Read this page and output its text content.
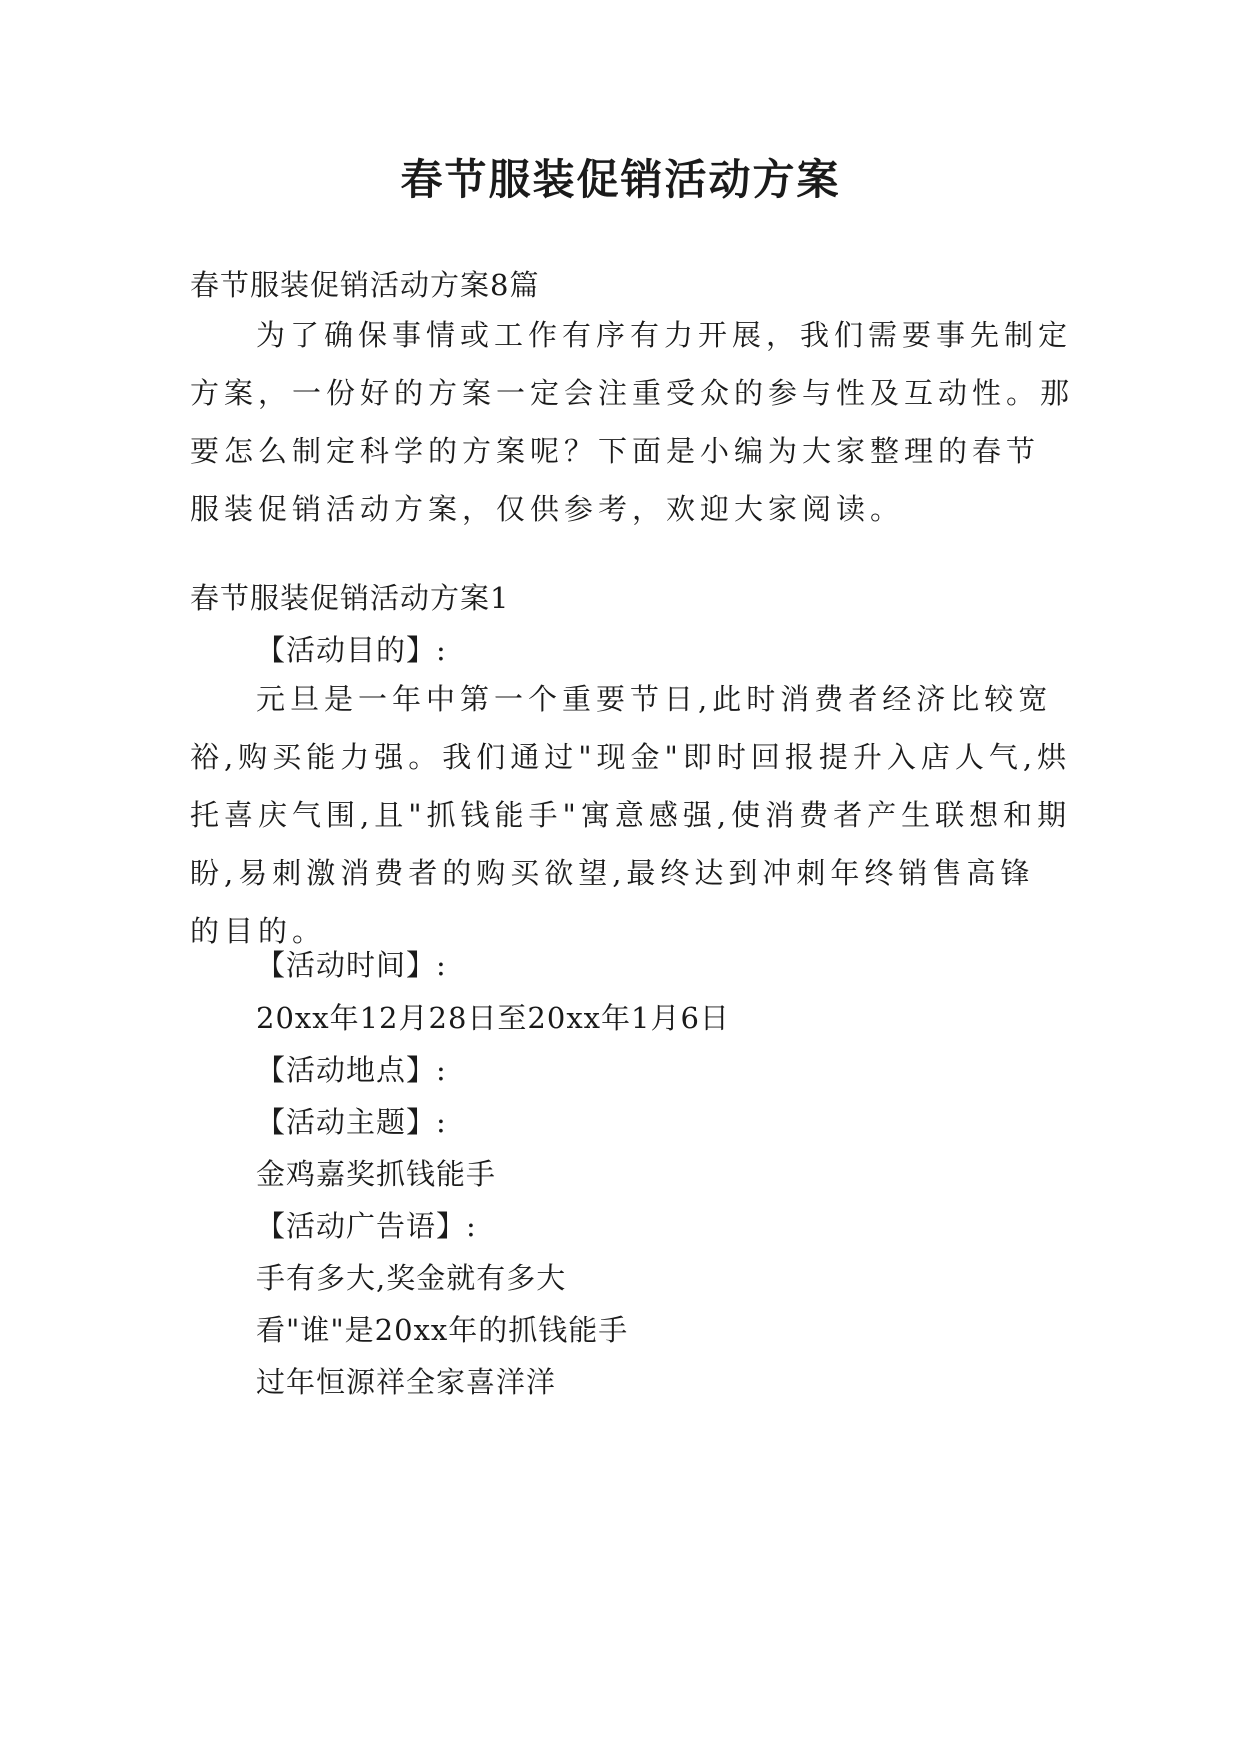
春节服装促销活动方案
春节服装促销活动方案8篇
为了确保事情或工作有序有力开展，我们需要事先制定
方案，一份好的方案一定会注重受众的参与性及互动性。那
要怎么制定科学的方案呢？下面是小编为大家整理的春节
服装促销活动方案，仅供参考，欢迎大家阅读。
春节服装促销活动方案1
【活动目的】:
元旦是一年中第一个重要节日,此时消费者经济比较宽
裕,购买能力强。我们通过"现金"即时回报提升入店人气,烘
托喜庆气围,且"抓钱能手"寓意感强,使消费者产生联想和期
盼,易刺激消费者的购买欲望,最终达到冲刺年终销售高锋
的目的。
【活动时间】:
20xx年12月28日至20xx年1月6日
【活动地点】:
【活动主题】:
金鸡嘉奖抓钱能手
【活动广告语】:
手有多大,奖金就有多大
看"谁"是20xx年的抓钱能手
过年恒源祥全家喜洋洋
